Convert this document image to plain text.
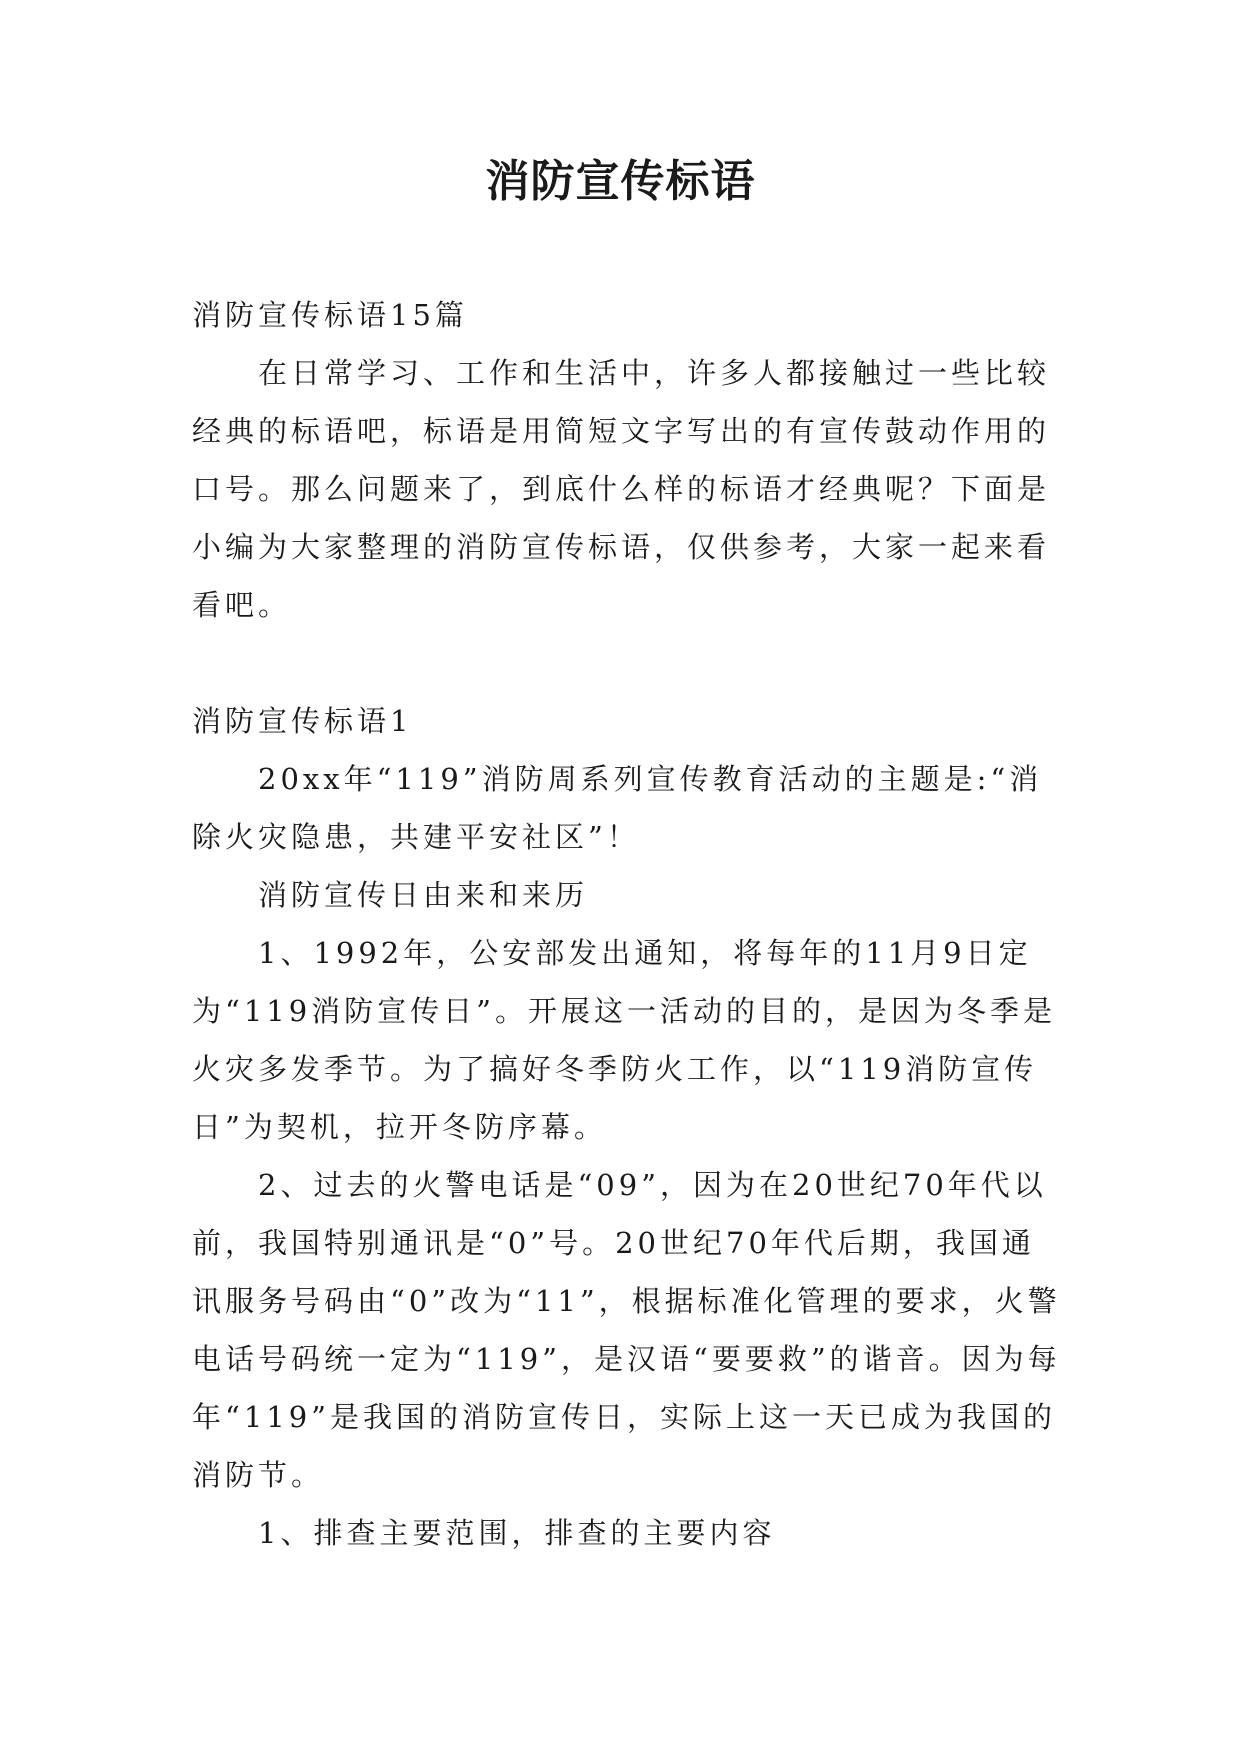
消防宣传标语

消防宣传标语15篇

在日常学习、工作和生活中，许多人都接触过一些比较经典的标语吧，标语是用简短文字写出的有宣传鼓动作用的口号。那么问题来了，到底什么样的标语才经典呢？下面是小编为大家整理的消防宣传标语，仅供参考，大家一起来看看吧。

消防宣传标语1

20xx年“119”消防周系列宣传教育活动的主题是:“消除火灾隐患，共建平安社区”！

消防宣传日由来和来历

1、1992年，公安部发出通知，将每年的11月9日定为“119消防宣传日”。开展这一活动的目的，是因为冬季是火灾多发季节。为了搞好冬季防火工作，以“119消防宣传日”为契机，拉开冬防序幕。

2、过去的火警电话是“09”，因为在20世纪70年代以前，我国特别通讯是“0”号。20世纪70年代后期，我国通讯服务号码由“0”改为“11”，根据标准化管理的要求，火警电话号码统一定为“119”，是汉语“要要救”的谐音。因为每年“119”是我国的消防宣传日，实际上这一天已成为我国的消防节。

1、排查主要范围，排查的主要内容
